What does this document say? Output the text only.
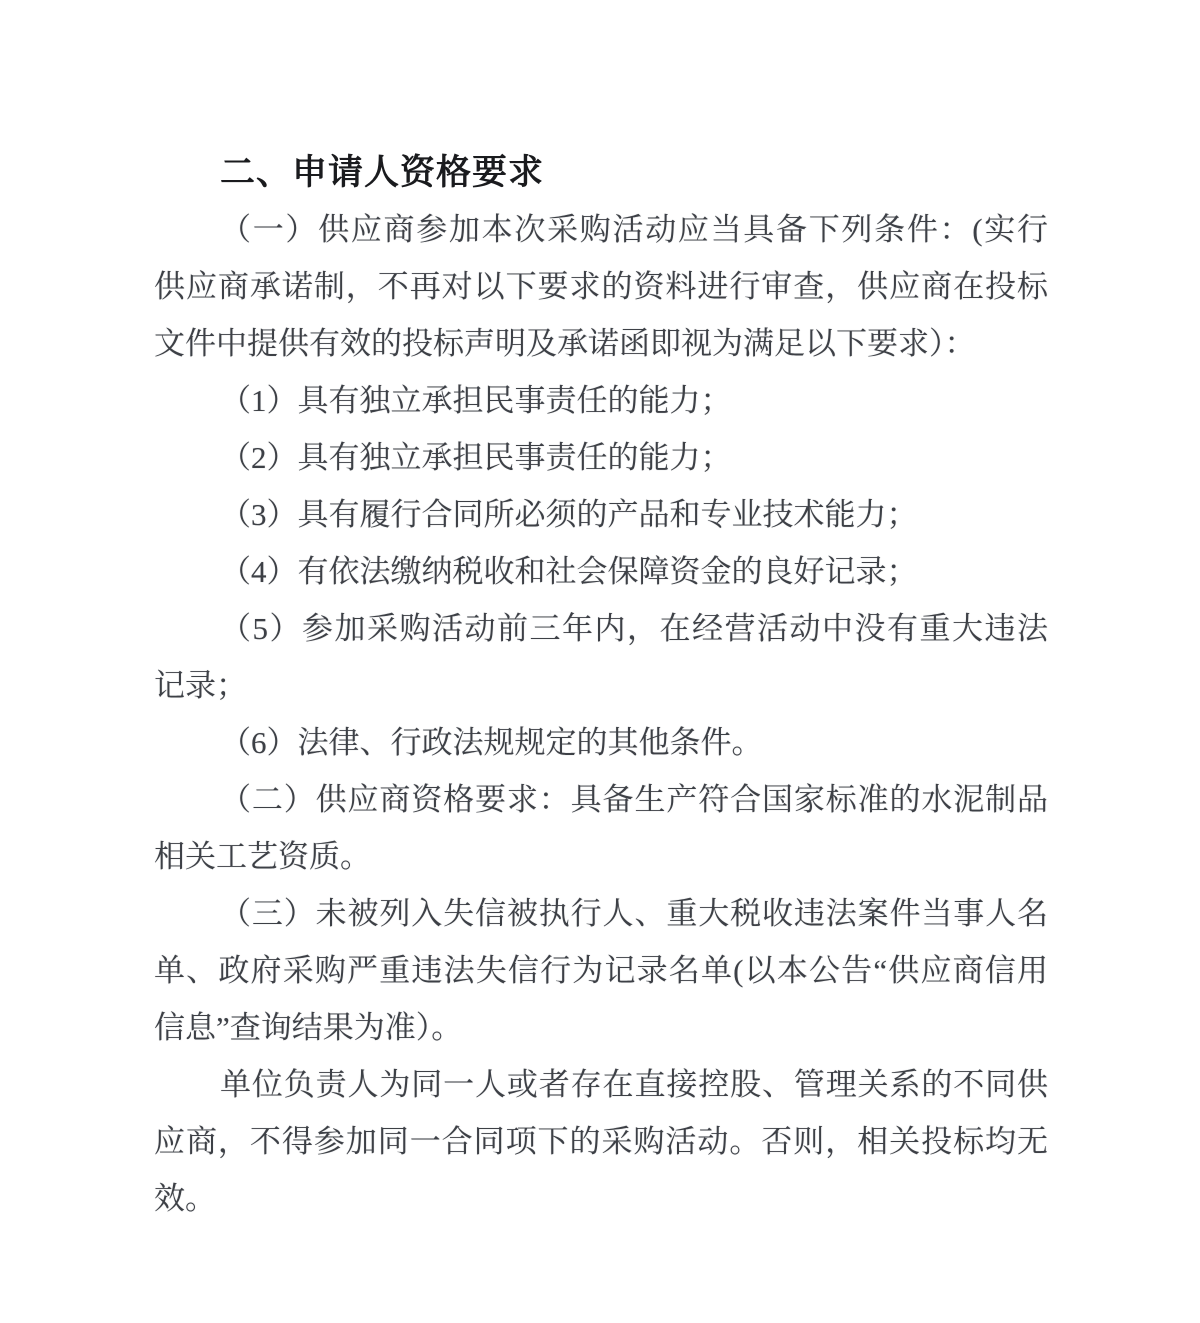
二、申请人资格要求

（一）供应商参加本次采购活动应当具备下列条件：(实行
供应商承诺制，不再对以下要求的资料进行审查，供应商在投标
文件中提供有效的投标声明及承诺函即视为满足以下要求）：

（1）具有独立承担民事责任的能力；

（2）具有独立承担民事责任的能力；

（3）具有履行合同所必须的产品和专业技术能力；

（4）有依法缴纳税收和社会保障资金的良好记录；

（5）参加采购活动前三年内，在经营活动中没有重大违法
记录；

（6）法律、行政法规规定的其他条件。

（二）供应商资格要求：具备生产符合国家标准的水泥制品
相关工艺资质。

（三）未被列入失信被执行人、重大税收违法案件当事人名
单、政府采购严重违法失信行为记录名单(以本公告“供应商信用
信息”查询结果为准）。

单位负责人为同一人或者存在直接控股、管理关系的不同供
应商，不得参加同一合同项下的采购活动。否则，相关投标均无
效。
